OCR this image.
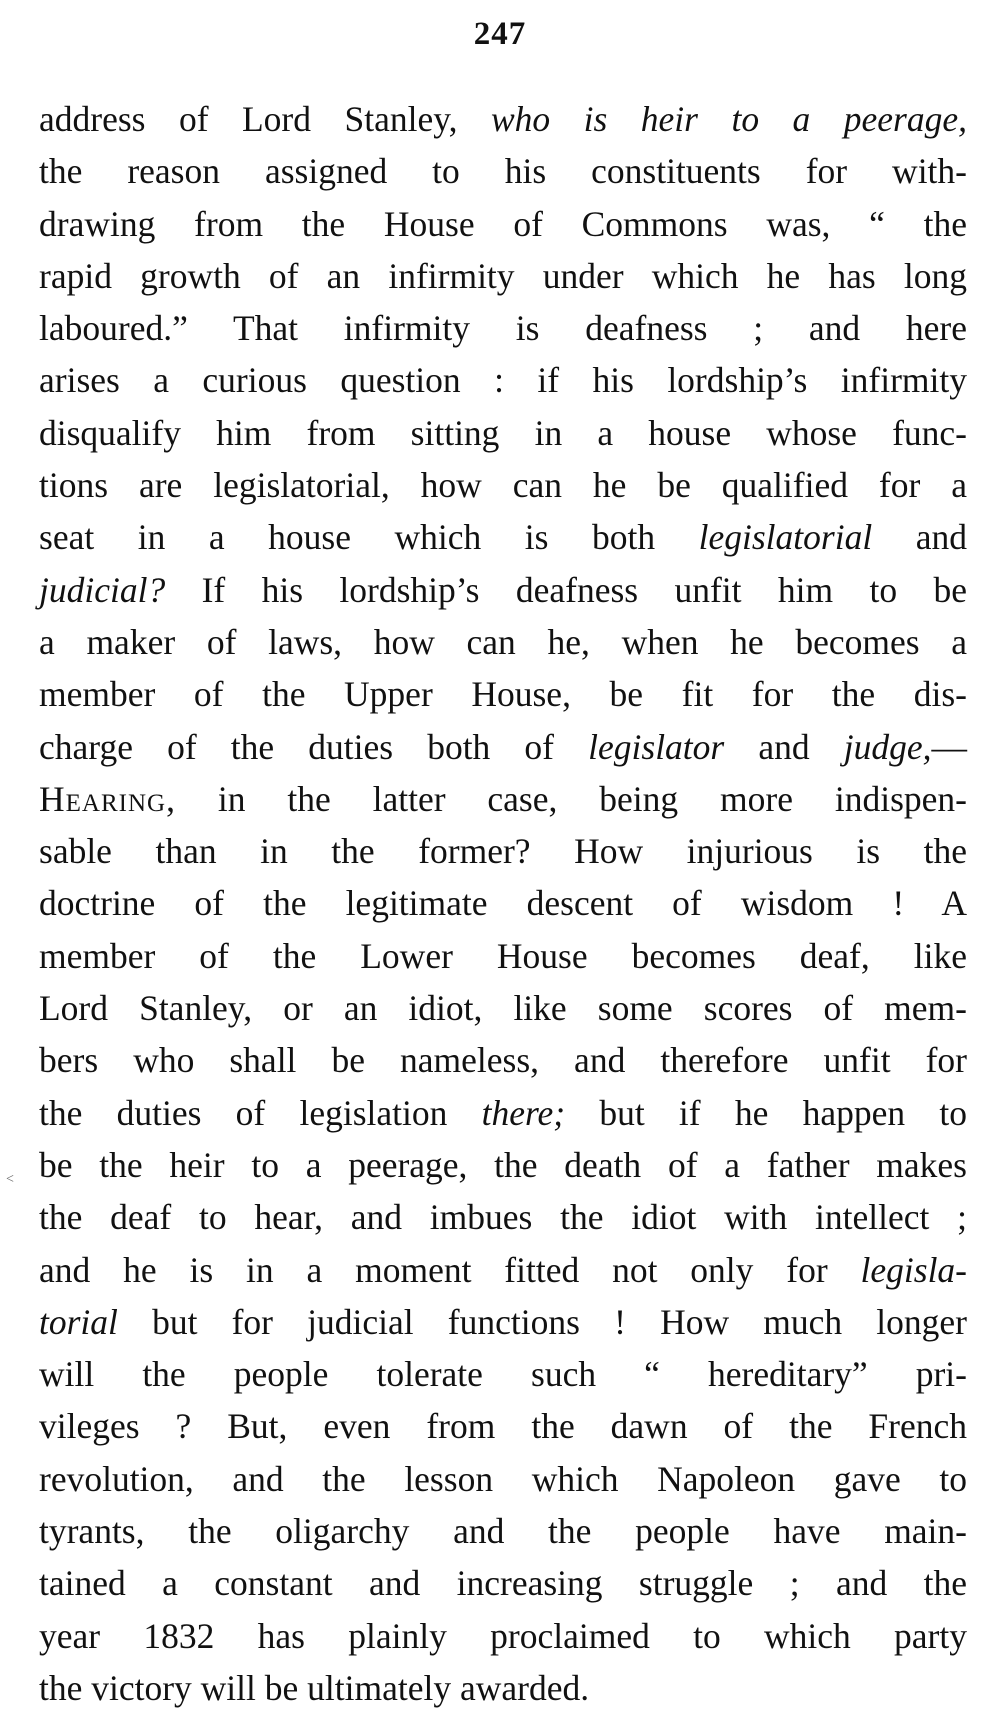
247
address of Lord Stanley, who is heir to a peerage,
the reason assigned to his constituents for with-
drawing from the House of Commons was, “ the
rapid growth of an infirmity under which he has long
laboured.” That infirmity is deafness ; and here
arises a curious question : if his lordship’s infirmity
disqualify him from sitting in a house whose func-
tions are legislatorial, how can he be qualified for a
seat in a house which is both legislatorial and
judicial? If his lordship’s deafness unfit him to be
a maker of laws, how can he, when he becomes a
member of the Upper House, be fit for the dis-
charge of the duties both of legislator and judge,—
Hearing, in the latter case, being more indispen-
sable than in the former? How injurious is the
doctrine of the legitimate descent of wisdom ! A
member of the Lower House becomes deaf, like
Lord Stanley, or an idiot, like some scores of mem-
bers who shall be nameless, and therefore unfit for
the duties of legislation there; but if he happen to
be the heir to a peerage, the death of a father makes
the deaf to hear, and imbues the idiot with intellect ;
and he is in a moment fitted not only for legisla-
torial but for judicial functions ! How much longer
will the people tolerate such “ hereditary” pri-
vileges ? But, even from the dawn of the French
revolution, and the lesson which Napoleon gave to
tyrants, the oligarchy and the people have main-
tained a constant and increasing struggle ; and the
year 1832 has plainly proclaimed to which party
the victory will be ultimately awarded.
˂
